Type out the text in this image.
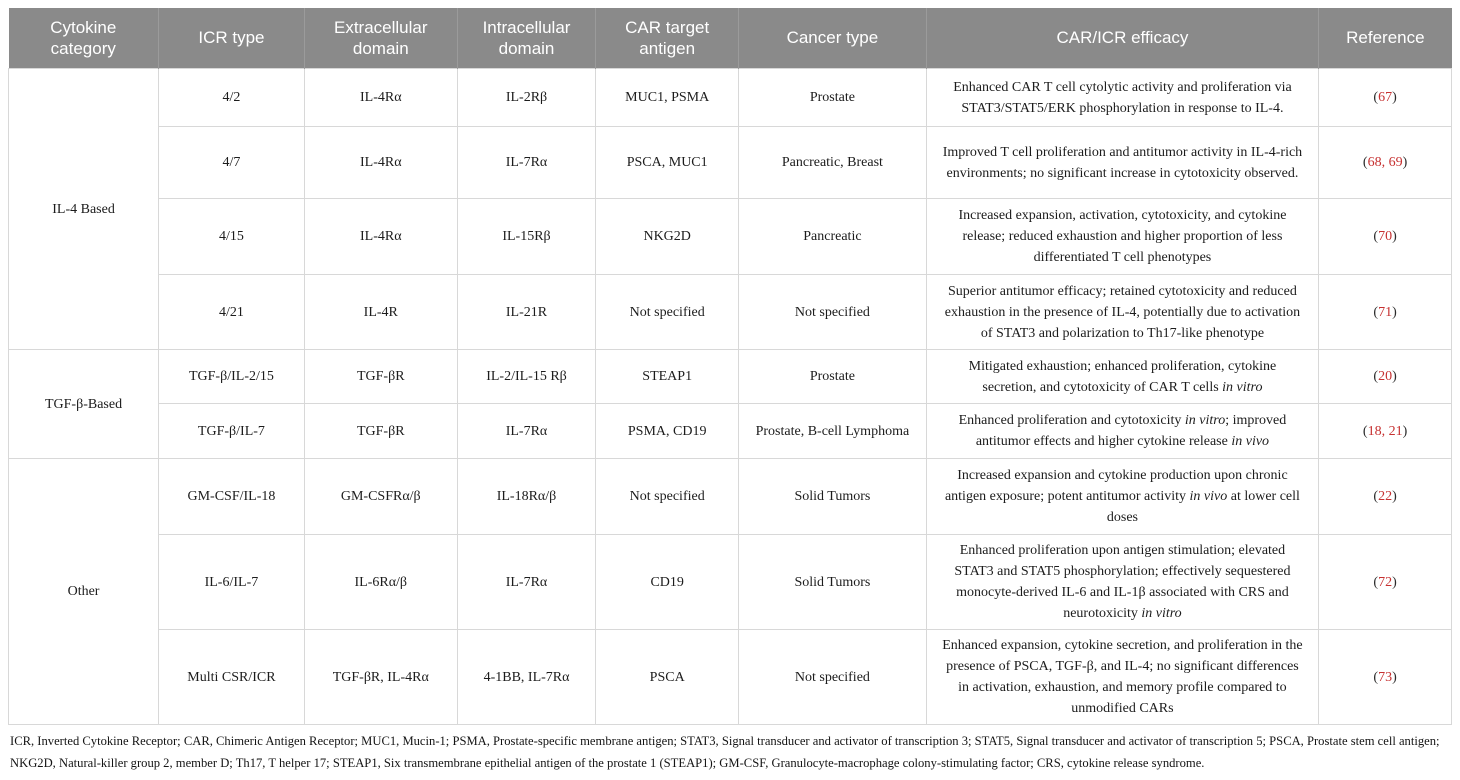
Cytokine category	ICR type	Extracellular domain	Intracellular domain	CAR target antigen	Cancer type	CAR/ICR efficacy	Reference
IL-4 Based	4/2	IL-4Rα	IL-2Rβ	MUC1, PSMA	Prostate	Enhanced CAR T cell cytolytic activity and proliferation via STAT3/STAT5/ERK phosphorylation in response to IL-4.	(67)
	4/7	IL-4Rα	IL-7Rα	PSCA, MUC1	Pancreatic, Breast	Improved T cell proliferation and antitumor activity in IL-4-rich environments; no significant increase in cytotoxicity observed.	(68, 69)
	4/15	IL-4Rα	IL-15Rβ	NKG2D	Pancreatic	Increased expansion, activation, cytotoxicity, and cytokine release; reduced exhaustion and higher proportion of less differentiated T cell phenotypes	(70)
	4/21	IL-4R	IL-21R	Not specified	Not specified	Superior antitumor efficacy; retained cytotoxicity and reduced exhaustion in the presence of IL-4, potentially due to activation of STAT3 and polarization to Th17-like phenotype	(71)
TGF-β-Based	TGF-β/IL-2/15	TGF-βR	IL-2/IL-15 Rβ	STEAP1	Prostate	Mitigated exhaustion; enhanced proliferation, cytokine secretion, and cytotoxicity of CAR T cells in vitro	(20)
	TGF-β/IL-7	TGF-βR	IL-7Rα	PSMA, CD19	Prostate, B-cell Lymphoma	Enhanced proliferation and cytotoxicity in vitro; improved antitumor effects and higher cytokine release in vivo	(18, 21)
Other	GM-CSF/IL-18	GM-CSFRα/β	IL-18Rα/β	Not specified	Solid Tumors	Increased expansion and cytokine production upon chronic antigen exposure; potent antitumor activity in vivo at lower cell doses	(22)
	IL-6/IL-7	IL-6Rα/β	IL-7Rα	CD19	Solid Tumors	Enhanced proliferation upon antigen stimulation; elevated STAT3 and STAT5 phosphorylation; effectively sequestered monocyte-derived IL-6 and IL-1β associated with CRS and neurotoxicity in vitro	(72)
	Multi CSR/ICR	TGF-βR, IL-4Rα	4-1BB, IL-7Rα	PSCA	Not specified	Enhanced expansion, cytokine secretion, and proliferation in the presence of PSCA, TGF-β, and IL-4; no significant differences in activation, exhaustion, and memory profile compared to unmodified CARs	(73)
ICR, Inverted Cytokine Receptor; CAR, Chimeric Antigen Receptor; MUC1, Mucin-1; PSMA, Prostate-specific membrane antigen; STAT3, Signal transducer and activator of transcription 3; STAT5, Signal transducer and activator of transcription 5; PSCA, Prostate stem cell antigen; NKG2D, Natural-killer group 2, member D; Th17, T helper 17; STEAP1, Six transmembrane epithelial antigen of the prostate 1 (STEAP1); GM-CSF, Granulocyte-macrophage colony-stimulating factor; CRS, cytokine release syndrome.
